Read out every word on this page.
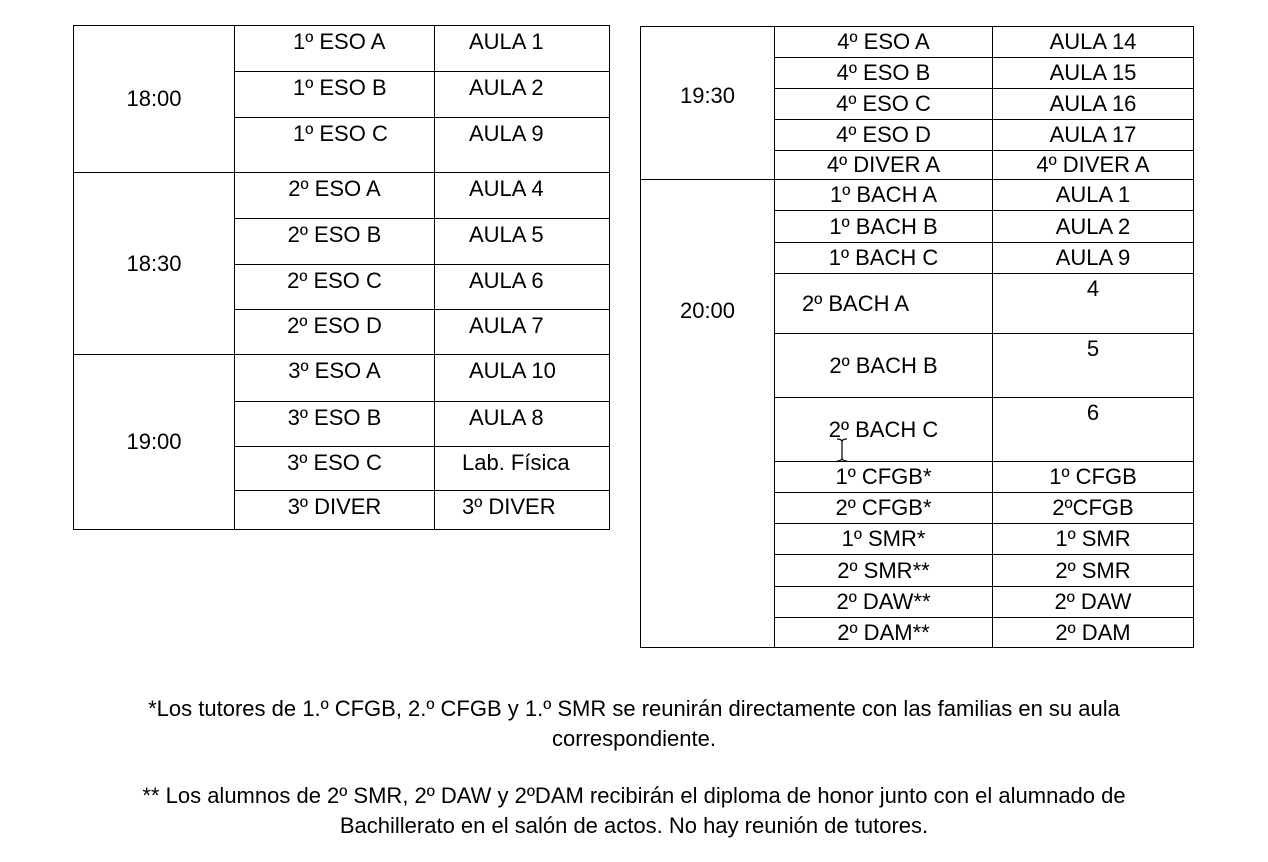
18:00	1º ESO A	AULA 1
	1º ESO B	AULA 2
	1º ESO C	AULA 9
18:30	2º ESO A	AULA 4
	2º ESO B	AULA 5
	2º ESO C	AULA 6
	2º ESO D	AULA 7
19:00	3º ESO A	AULA 10
	3º ESO B	AULA 8
	3º ESO C	Lab. Física
	3º DIVER	3º DIVER
19:30	4º ESO A	AULA 14
	4º ESO B	AULA 15
	4º ESO C	AULA 16
	4º ESO D	AULA 17
	4º DIVER A	4º DIVER A
20:00	1º BACH A	AULA 1
	1º BACH B	AULA 2
	1º BACH C	AULA 9
	2º BACH A	4
	2º BACH B	5
	2º BACH C	6
	1º CFGB*	1º CFGB
	2º CFGB*	2ºCFGB
	1º SMR*	1º SMR
	2º SMR**	2º SMR
	2º DAW**	2º DAW
	2º DAM**	2º DAM
*Los tutores de 1.º CFGB, 2.º CFGB y 1.º SMR se reunirán directamente con las familias en su aula
correspondiente.
** Los alumnos de 2º SMR, 2º DAW y 2ºDAM recibirán el diploma de honor junto con el alumnado de
Bachillerato en el salón de actos. No hay reunión de tutores.
